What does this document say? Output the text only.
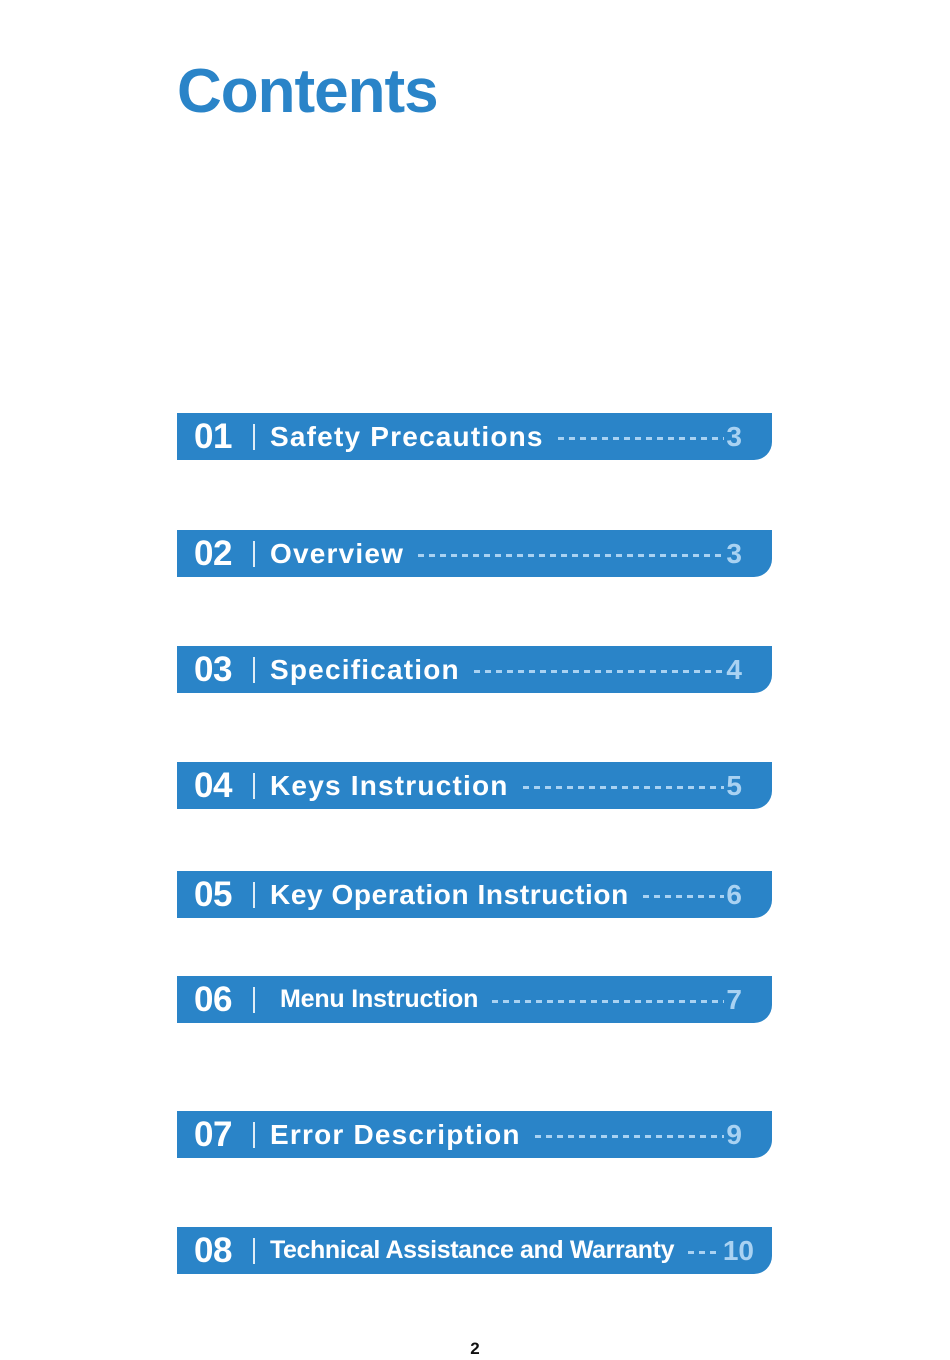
Contents
01	Safety Precautions	3
02	Overview	3
03	Specification	4
04	Keys Instruction	5
05	Key Operation Instruction	6
06	Menu Instruction	7
07	Error Description	9
08	Technical Assistance and Warranty 10
2
